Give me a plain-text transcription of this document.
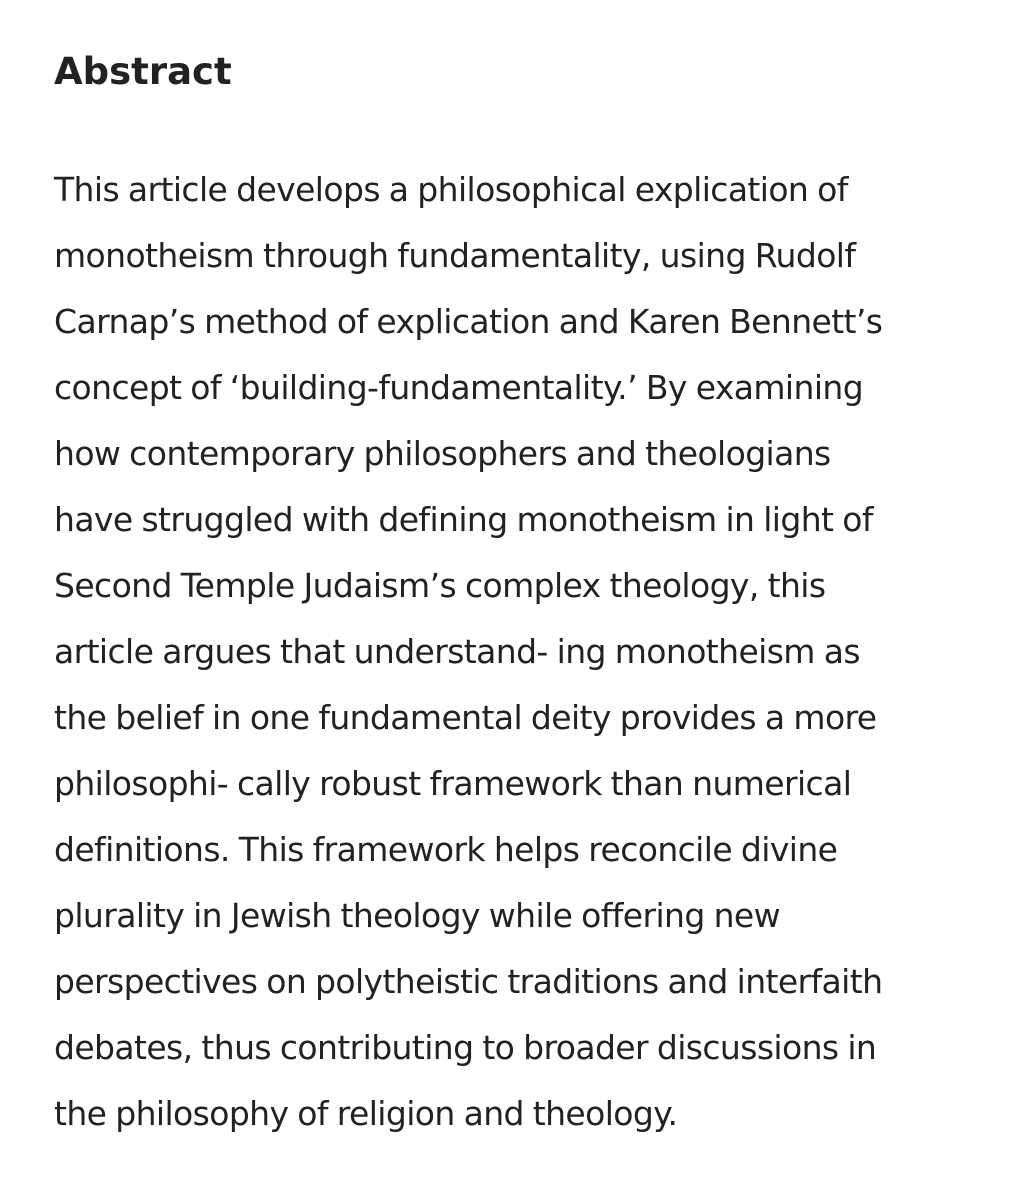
Abstract

This article develops a philosophical explication of
monotheism through fundamentality, using Rudolf
Carnap’s method of explication and Karen Bennett’s
concept of ‘building-fundamentality.’ By examining
how contemporary philosophers and theologians
have struggled with defining monotheism in light of
Second Temple Judaism’s complex theology, this
article argues that understand- ing monotheism as
the belief in one fundamental deity provides a more
philosophi- cally robust framework than numerical
definitions. This framework helps reconcile divine
plurality in Jewish theology while offering new
perspectives on polytheistic traditions and interfaith
debates, thus contributing to broader discussions in
the philosophy of religion and theology.
